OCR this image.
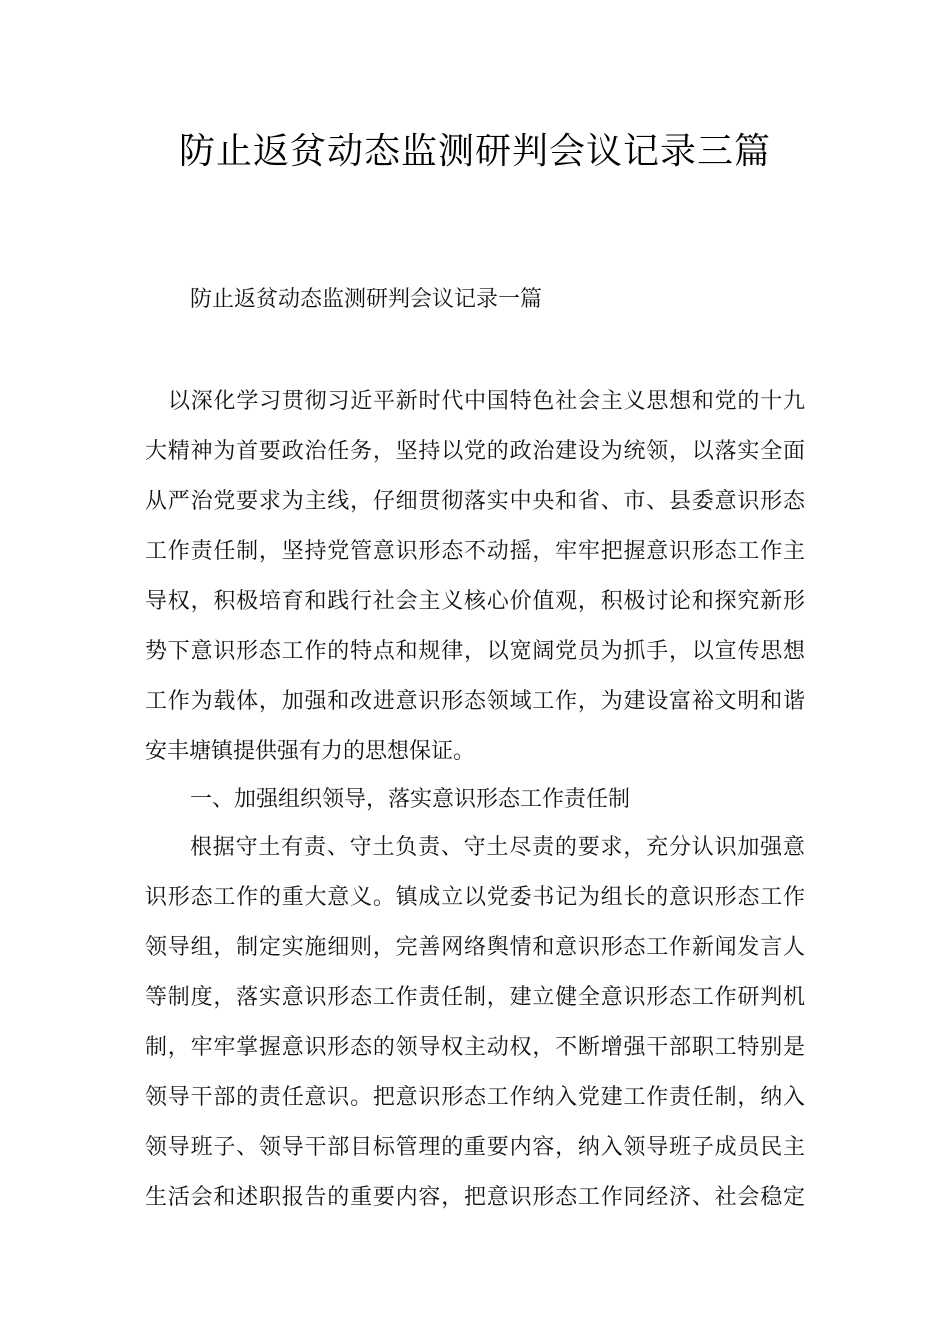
防止返贫动态监测研判会议记录三篇

防止返贫动态监测研判会议记录一篇

以深化学习贯彻习近平新时代中国特色社会主义思想和党的十九

大精神为首要政治任务，坚持以党的政治建设为统领，以落实全面

从严治党要求为主线，仔细贯彻落实中央和省、市、县委意识形态

工作责任制，坚持党管意识形态不动摇，牢牢把握意识形态工作主

导权，积极培育和践行社会主义核心价值观，积极讨论和探究新形

势下意识形态工作的特点和规律，以宽阔党员为抓手，以宣传思想

工作为载体，加强和改进意识形态领域工作，为建设富裕文明和谐

安丰塘镇提供强有力的思想保证。

一、加强组织领导，落实意识形态工作责任制

根据守土有责、守土负责、守土尽责的要求，充分认识加强意

识形态工作的重大意义。镇成立以党委书记为组长的意识形态工作

领导组，制定实施细则，完善网络舆情和意识形态工作新闻发言人

等制度，落实意识形态工作责任制，建立健全意识形态工作研判机

制，牢牢掌握意识形态的领导权主动权，不断增强干部职工特别是

领导干部的责任意识。把意识形态工作纳入党建工作责任制，纳入

领导班子、领导干部目标管理的重要内容，纳入领导班子成员民主

生活会和述职报告的重要内容，把意识形态工作同经济、社会稳定
